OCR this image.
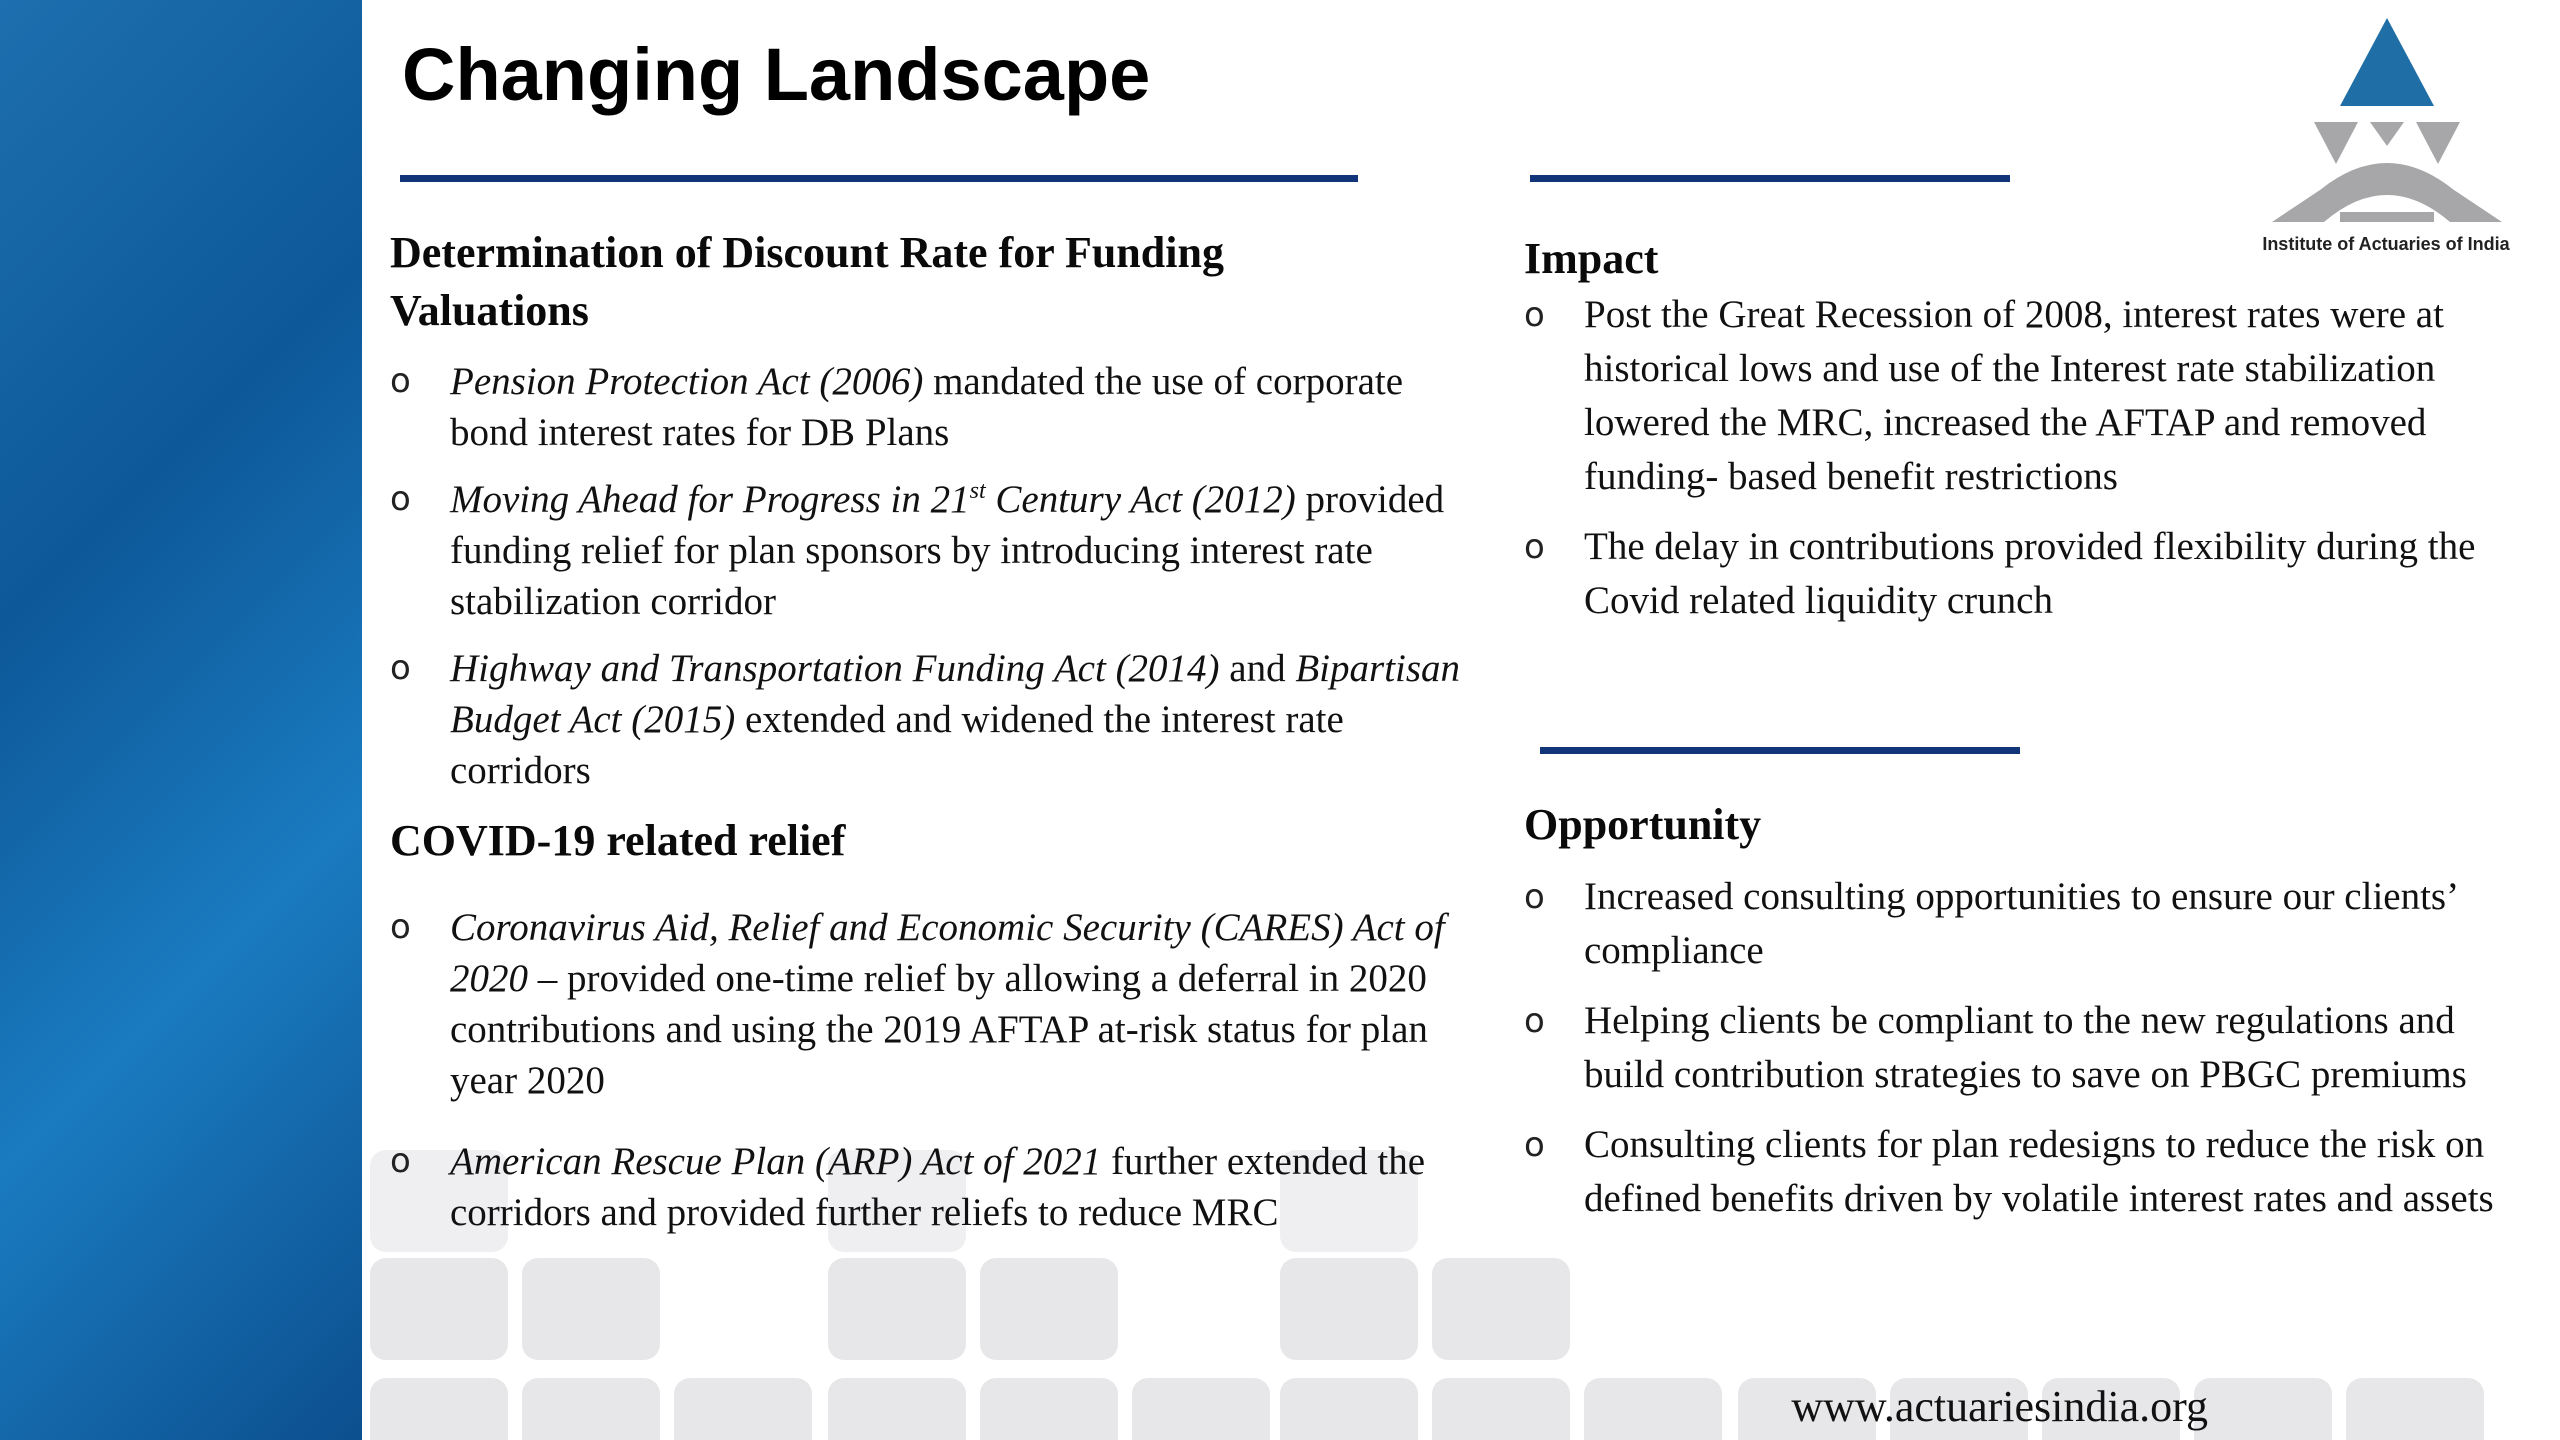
Changing Landscape
Institute of Actuaries of India
Determination of Discount Rate for Funding Valuations
o Pension Protection Act (2006) mandated the use of corporate bond interest rates for DB Plans
o Moving Ahead for Progress in 21st Century Act (2012) provided funding relief for plan sponsors by introducing interest rate stabilization corridor
o Highway and Transportation Funding Act (2014) and Bipartisan Budget Act (2015) extended and widened the interest rate corridors
COVID-19 related relief
o Coronavirus Aid, Relief and Economic Security (CARES) Act of 2020 – provided one-time relief by allowing a deferral in 2020 contributions and using the 2019 AFTAP at-risk status for plan year 2020
o American Rescue Plan (ARP) Act of 2021 further extended the corridors and provided further reliefs to reduce MRC
Impact
o Post the Great Recession of 2008, interest rates were at historical lows and use of the Interest rate stabilization lowered the MRC, increased the AFTAP and removed funding- based benefit restrictions
o The delay in contributions provided flexibility during the Covid related liquidity crunch
Opportunity
o Increased consulting opportunities to ensure our clients’ compliance
o Helping clients be compliant to the new regulations and build contribution strategies to save on PBGC premiums
o Consulting clients for plan redesigns to reduce the risk on defined benefits driven by volatile interest rates and assets
www.actuariesindia.org
